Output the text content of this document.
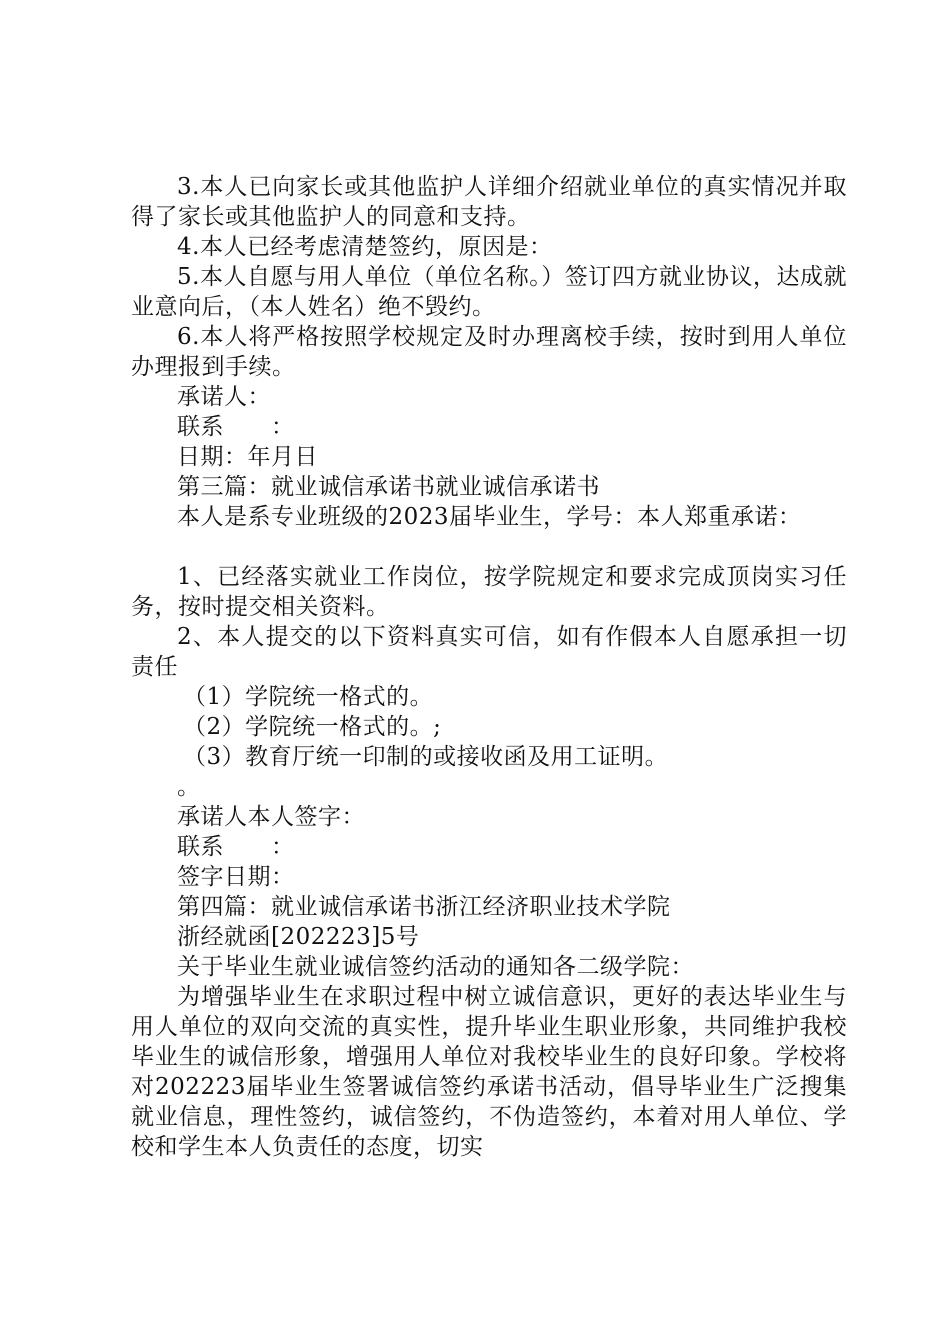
3.本人已向家长或其他监护人详细介绍就业单位的真实情况并取得了家长或其他监护人的同意和支持。

4.本人已经考虑清楚签约，原因是：

5.本人自愿与用人单位（单位名称。）签订四方就业协议，达成就业意向后，（本人姓名）绝不毁约。

6.本人将严格按照学校规定及时办理离校手续，按时到用人单位办理报到手续。

承诺人：

联系　　：

日期：年月日

第三篇：就业诚信承诺书就业诚信承诺书

本人是系专业班级的2023届毕业生，学号：本人郑重承诺：

1、已经落实就业工作岗位，按学院规定和要求完成顶岗实习任务，按时提交相关资料。

2、本人提交的以下资料真实可信，如有作假本人自愿承担一切责任

（1）学院统一格式的。

（2）学院统一格式的。;

（3）教育厅统一印制的或接收函及用工证明。

。

承诺人本人签字：

联系　　：

签字日期：

第四篇：就业诚信承诺书浙江经济职业技术学院

浙经就函[202223]5号

关于毕业生就业诚信签约活动的通知各二级学院：

为增强毕业生在求职过程中树立诚信意识，更好的表达毕业生与用人单位的双向交流的真实性，提升毕业生职业形象，共同维护我校毕业生的诚信形象，增强用人单位对我校毕业生的良好印象。学校将对202223届毕业生签署诚信签约承诺书活动，倡导毕业生广泛搜集就业信息，理性签约，诚信签约，不伪造签约，本着对用人单位、学校和学生本人负责任的态度，切实
